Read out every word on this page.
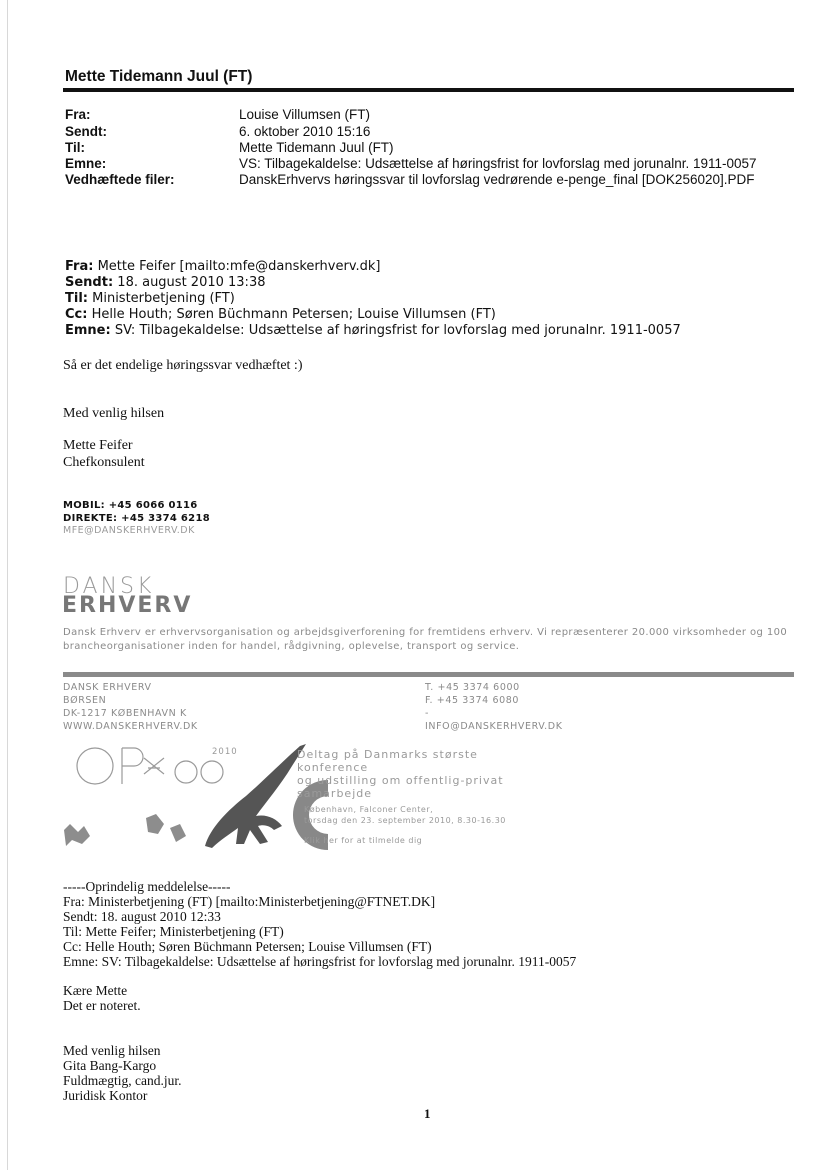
Mette Tidemann Juul (FT)
Fra:	Louise Villumsen (FT)
Sendt:	6. oktober 2010 15:16
Til:	Mette Tidemann Juul (FT)
Emne:	VS: Tilbagekaldelse: Udsættelse af høringsfrist for lovforslag med jorunalnr. 1911-0057
Vedhæftede filer:	DanskErhvervs høringssvar til lovforslag vedrørende e-penge_final [DOK256020].PDF
Fra: Mette Feifer [mailto:mfe@danskerhverv.dk]
Sendt: 18. august 2010 13:38
Til: Ministerbetjening (FT)
Cc: Helle Houth; Søren Büchmann Petersen; Louise Villumsen (FT)
Emne: SV: Tilbagekaldelse: Udsættelse af høringsfrist for lovforslag med jorunalnr. 1911-0057
Så er det endelige høringssvar vedhæftet :)
Med venlig hilsen
Mette Feifer
Chefkonsulent
MOBIL: +45 6066 0116
DIREKTE: +45 3374 6218
MFE@DANSKERHVERV.DK
DANSK
ERHVERV
Dansk Erhverv er erhvervsorganisation og arbejdsgiverforening for fremtidens erhverv. Vi repræsenterer 20.000 virksomheder og 100
brancheorganisationer inden for handel, rådgivning, oplevelse, transport og service.
DANSK ERHVERV
BØRSEN
DK-1217 KØBENHAVN K
WWW.DANSKERHVERV.DK
T. +45 3374 6000
F. +45 3374 6080
-
INFO@DANSKERHVERV.DK
2010	Deltag på Danmarks største konference
og udstilling om offentlig-privat
samarbejde
København, Falconer Center,
torsdag den 23. september 2010, 8.30-16.30
Klik her for at tilmelde dig
-----Oprindelig meddelelse-----
Fra: Ministerbetjening (FT) [mailto:Ministerbetjening@FTNET.DK]
Sendt: 18. august 2010 12:33
Til: Mette Feifer; Ministerbetjening (FT)
Cc: Helle Houth; Søren Büchmann Petersen; Louise Villumsen (FT)
Emne: SV: Tilbagekaldelse: Udsættelse af høringsfrist for lovforslag med jorunalnr. 1911-0057
Kære Mette
Det er noteret.
Med venlig hilsen
Gita Bang-Kargo
Fuldmægtig, cand.jur.
Juridisk Kontor
1
